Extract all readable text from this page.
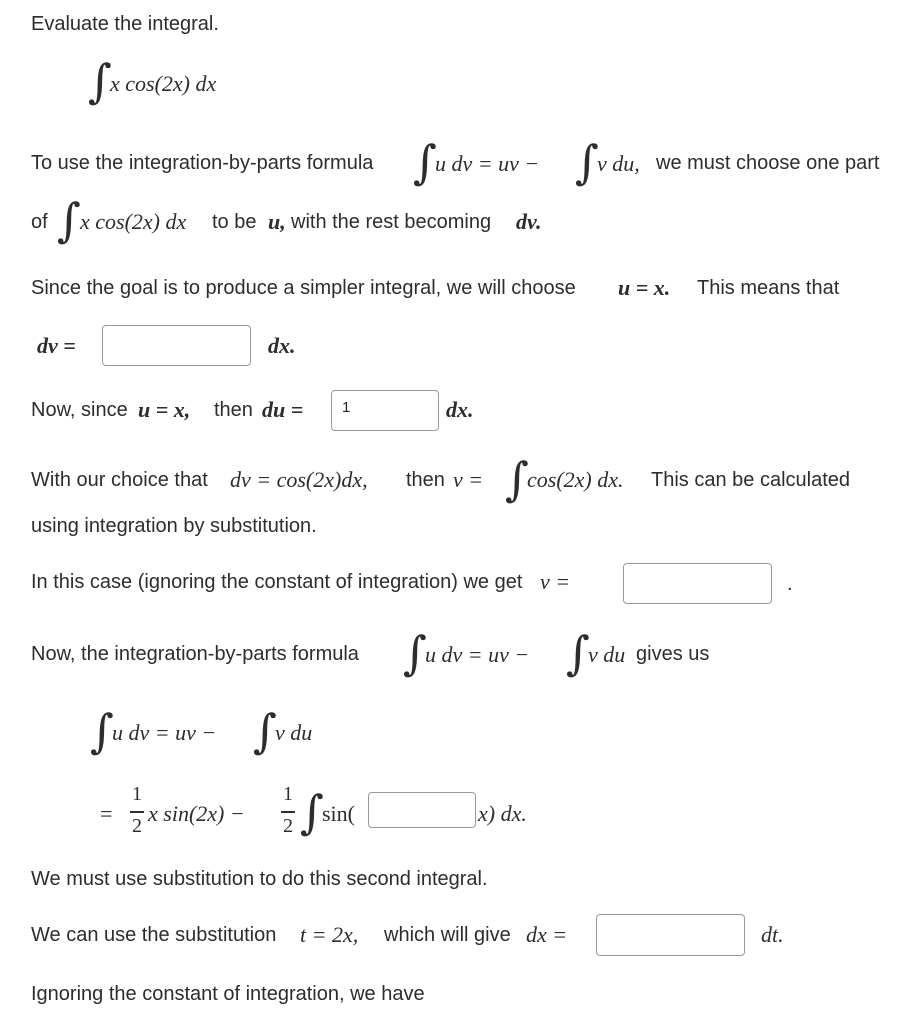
Evaluate the integral.
∫
x cos(2x) dx
To use the integration-by-parts formula ∫
u dv = uv − ∫
v du, we must choose one part
of ∫ x cos(2x) dx to be u, with the rest becoming dv.
Since the goal is to produce a simpler integral, we will choose u = x. This means that
dv =	dx.
Now, since u = x, then du =	1	dx.
With our choice that dv = cos(2x)dx, then v = ∫
cos(2x) dx. This can be calculated
using integration by substitution.
In this case (ignoring the constant of integration) we get v =	.
Now, the integration-by-parts formula ∫
u dv = uv − ∫
v du gives us
∫
u dv = uv − ∫
v du
=
1
2 x sin(2x) −
1
2 ∫
sin(	x) dx.
We must use substitution to do this second integral.
We can use the substitution t = 2x, which will give dx =	dt.
Ignoring the constant of integration, we have
